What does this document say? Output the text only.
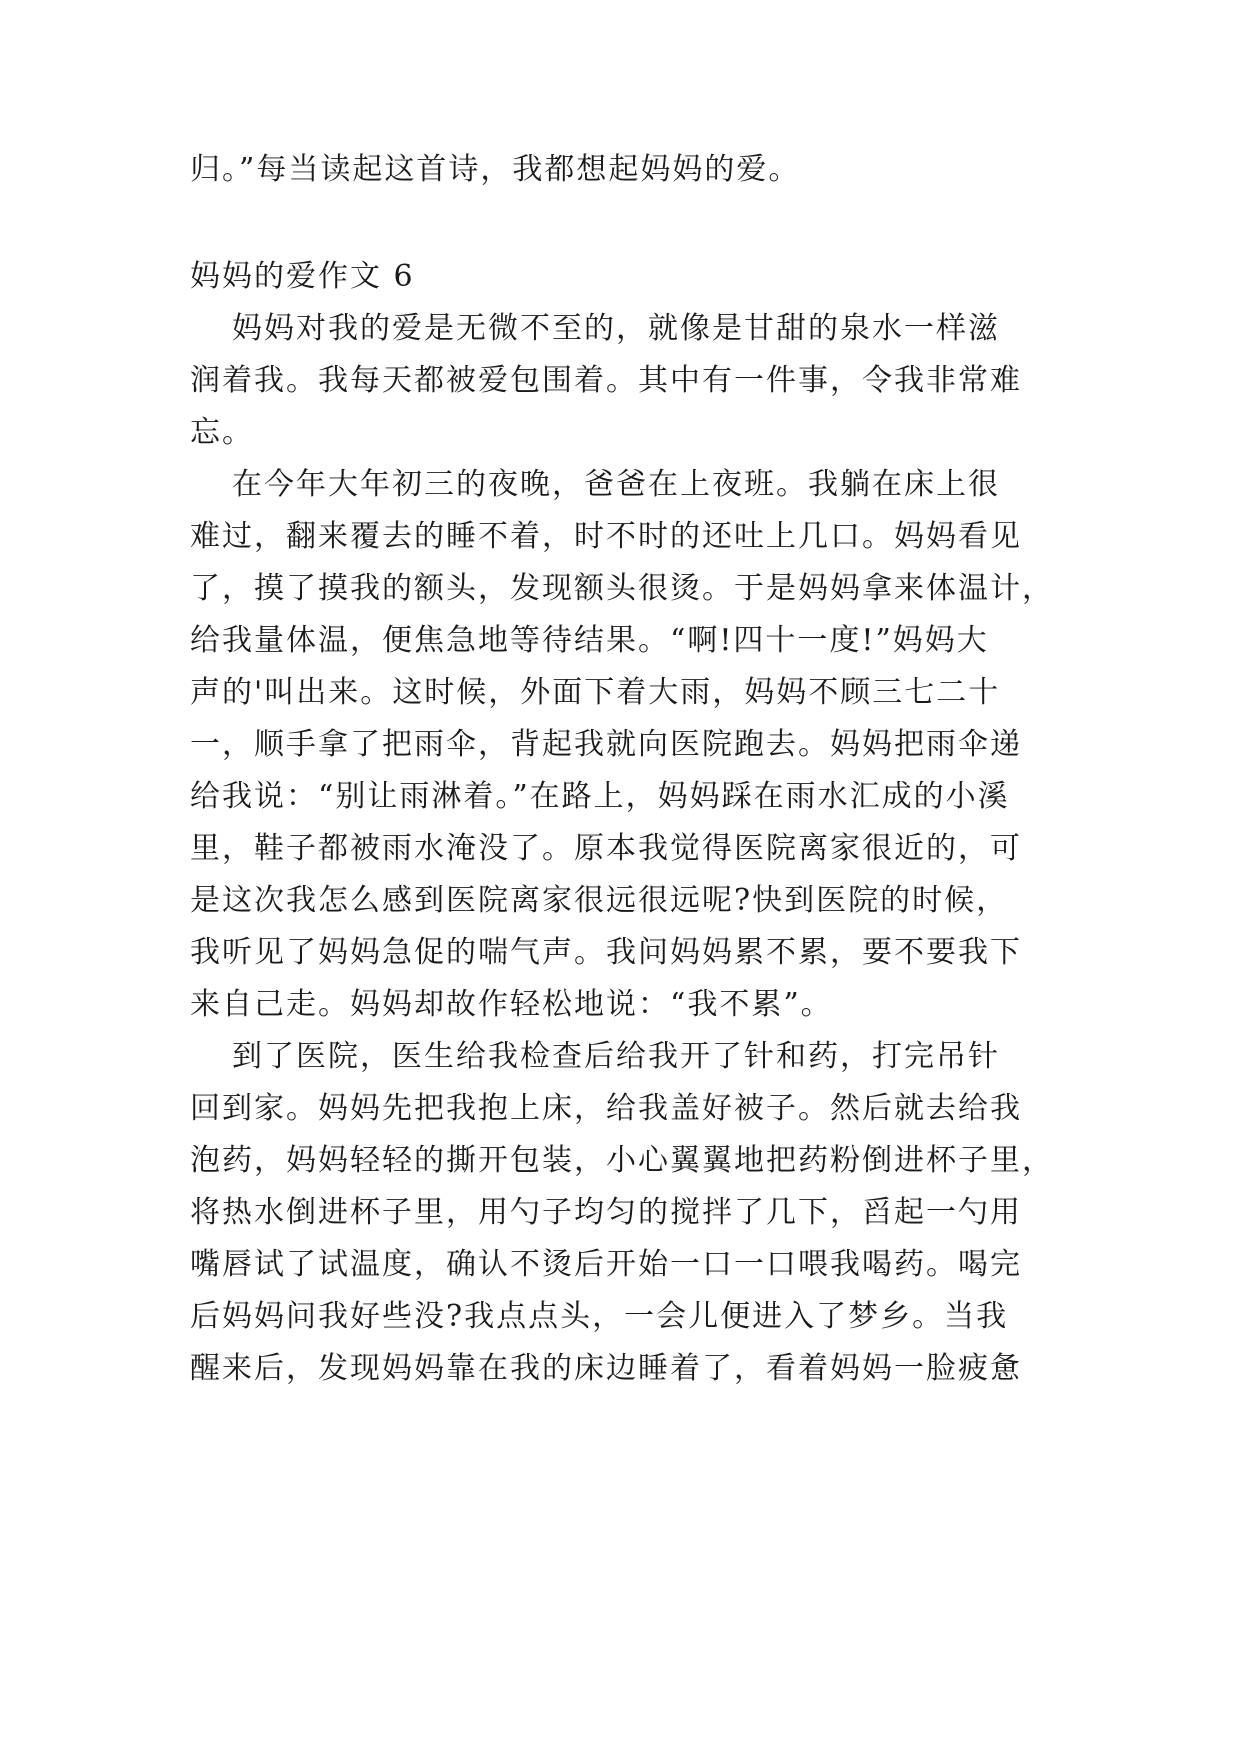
归。”每当读起这首诗，我都想起妈妈的爱。
妈妈的爱作文 6
妈妈对我的爱是无微不至的，就像是甘甜的泉水一样滋
润着我。我每天都被爱包围着。其中有一件事，令我非常难
忘。
在今年大年初三的夜晚，爸爸在上夜班。我躺在床上很
难过，翻来覆去的睡不着，时不时的还吐上几口。妈妈看见
了，摸了摸我的额头，发现额头很烫。于是妈妈拿来体温计，
给我量体温，便焦急地等待结果。“啊!四十一度!”妈妈大
声的'叫出来。这时候，外面下着大雨，妈妈不顾三七二十
一，顺手拿了把雨伞，背起我就向医院跑去。妈妈把雨伞递
给我说：“别让雨淋着。”在路上，妈妈踩在雨水汇成的小溪
里，鞋子都被雨水淹没了。原本我觉得医院离家很近的，可
是这次我怎么感到医院离家很远很远呢?快到医院的时候，
我听见了妈妈急促的喘气声。我问妈妈累不累，要不要我下
来自己走。妈妈却故作轻松地说：“我不累”。
到了医院，医生给我检查后给我开了针和药，打完吊针
回到家。妈妈先把我抱上床，给我盖好被子。然后就去给我
泡药，妈妈轻轻的撕开包装，小心翼翼地把药粉倒进杯子里，
将热水倒进杯子里，用勺子均匀的搅拌了几下，舀起一勺用
嘴唇试了试温度，确认不烫后开始一口一口喂我喝药。喝完
后妈妈问我好些没?我点点头，一会儿便进入了梦乡。当我
醒来后，发现妈妈靠在我的床边睡着了，看着妈妈一脸疲惫
